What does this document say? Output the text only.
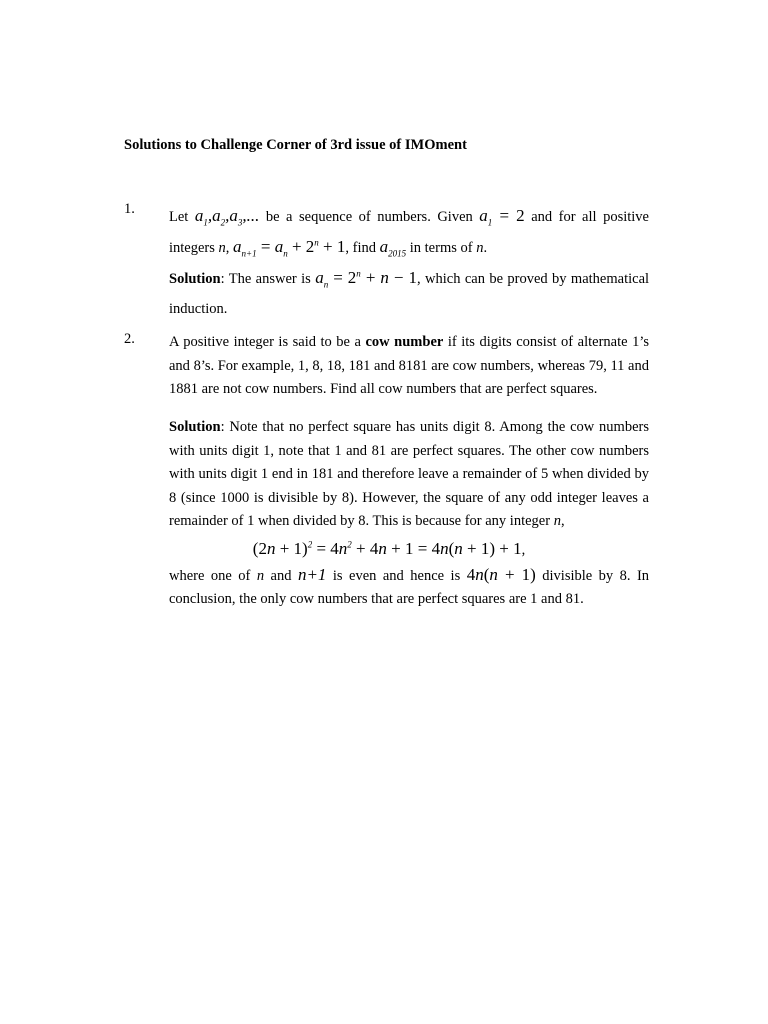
Solutions to Challenge Corner of 3rd issue of IMOment
1. Let $a_1,a_2,a_3$,... be a sequence of numbers. Given $a_1 = 2$ and for all positive integers n, $a_{n+1} = a_n + 2^n + 1$, find $a_{2015}$ in terms of n.

Solution: The answer is $a_n = 2^n + n - 1$, which can be proved by mathematical induction.

2. A positive integer is said to be a cow number if its digits consist of alternate 1’s and 8’s. For example, 1, 8, 18, 181 and 8181 are cow numbers, whereas 79, 11 and 1881 are not cow numbers. Find all cow numbers that are perfect squares.

Solution: Note that no perfect square has units digit 8. Among the cow numbers with units digit 1, note that 1 and 81 are perfect squares. The other cow numbers with units digit 1 end in 181 and therefore leave a remainder of 5 when divided by 8 (since 1000 is divisible by 8). However, the square of any odd integer leaves a remainder of 1 when divided by 8. This is because for any integer n,

$(2n + 1)^2 = 4n^2 + 4n + 1 = 4n(n + 1) + 1$,

where one of n and n+1 is even and hence is 4n(n + 1) divisible by 8. In conclusion, the only cow numbers that are perfect squares are 1 and 81.
